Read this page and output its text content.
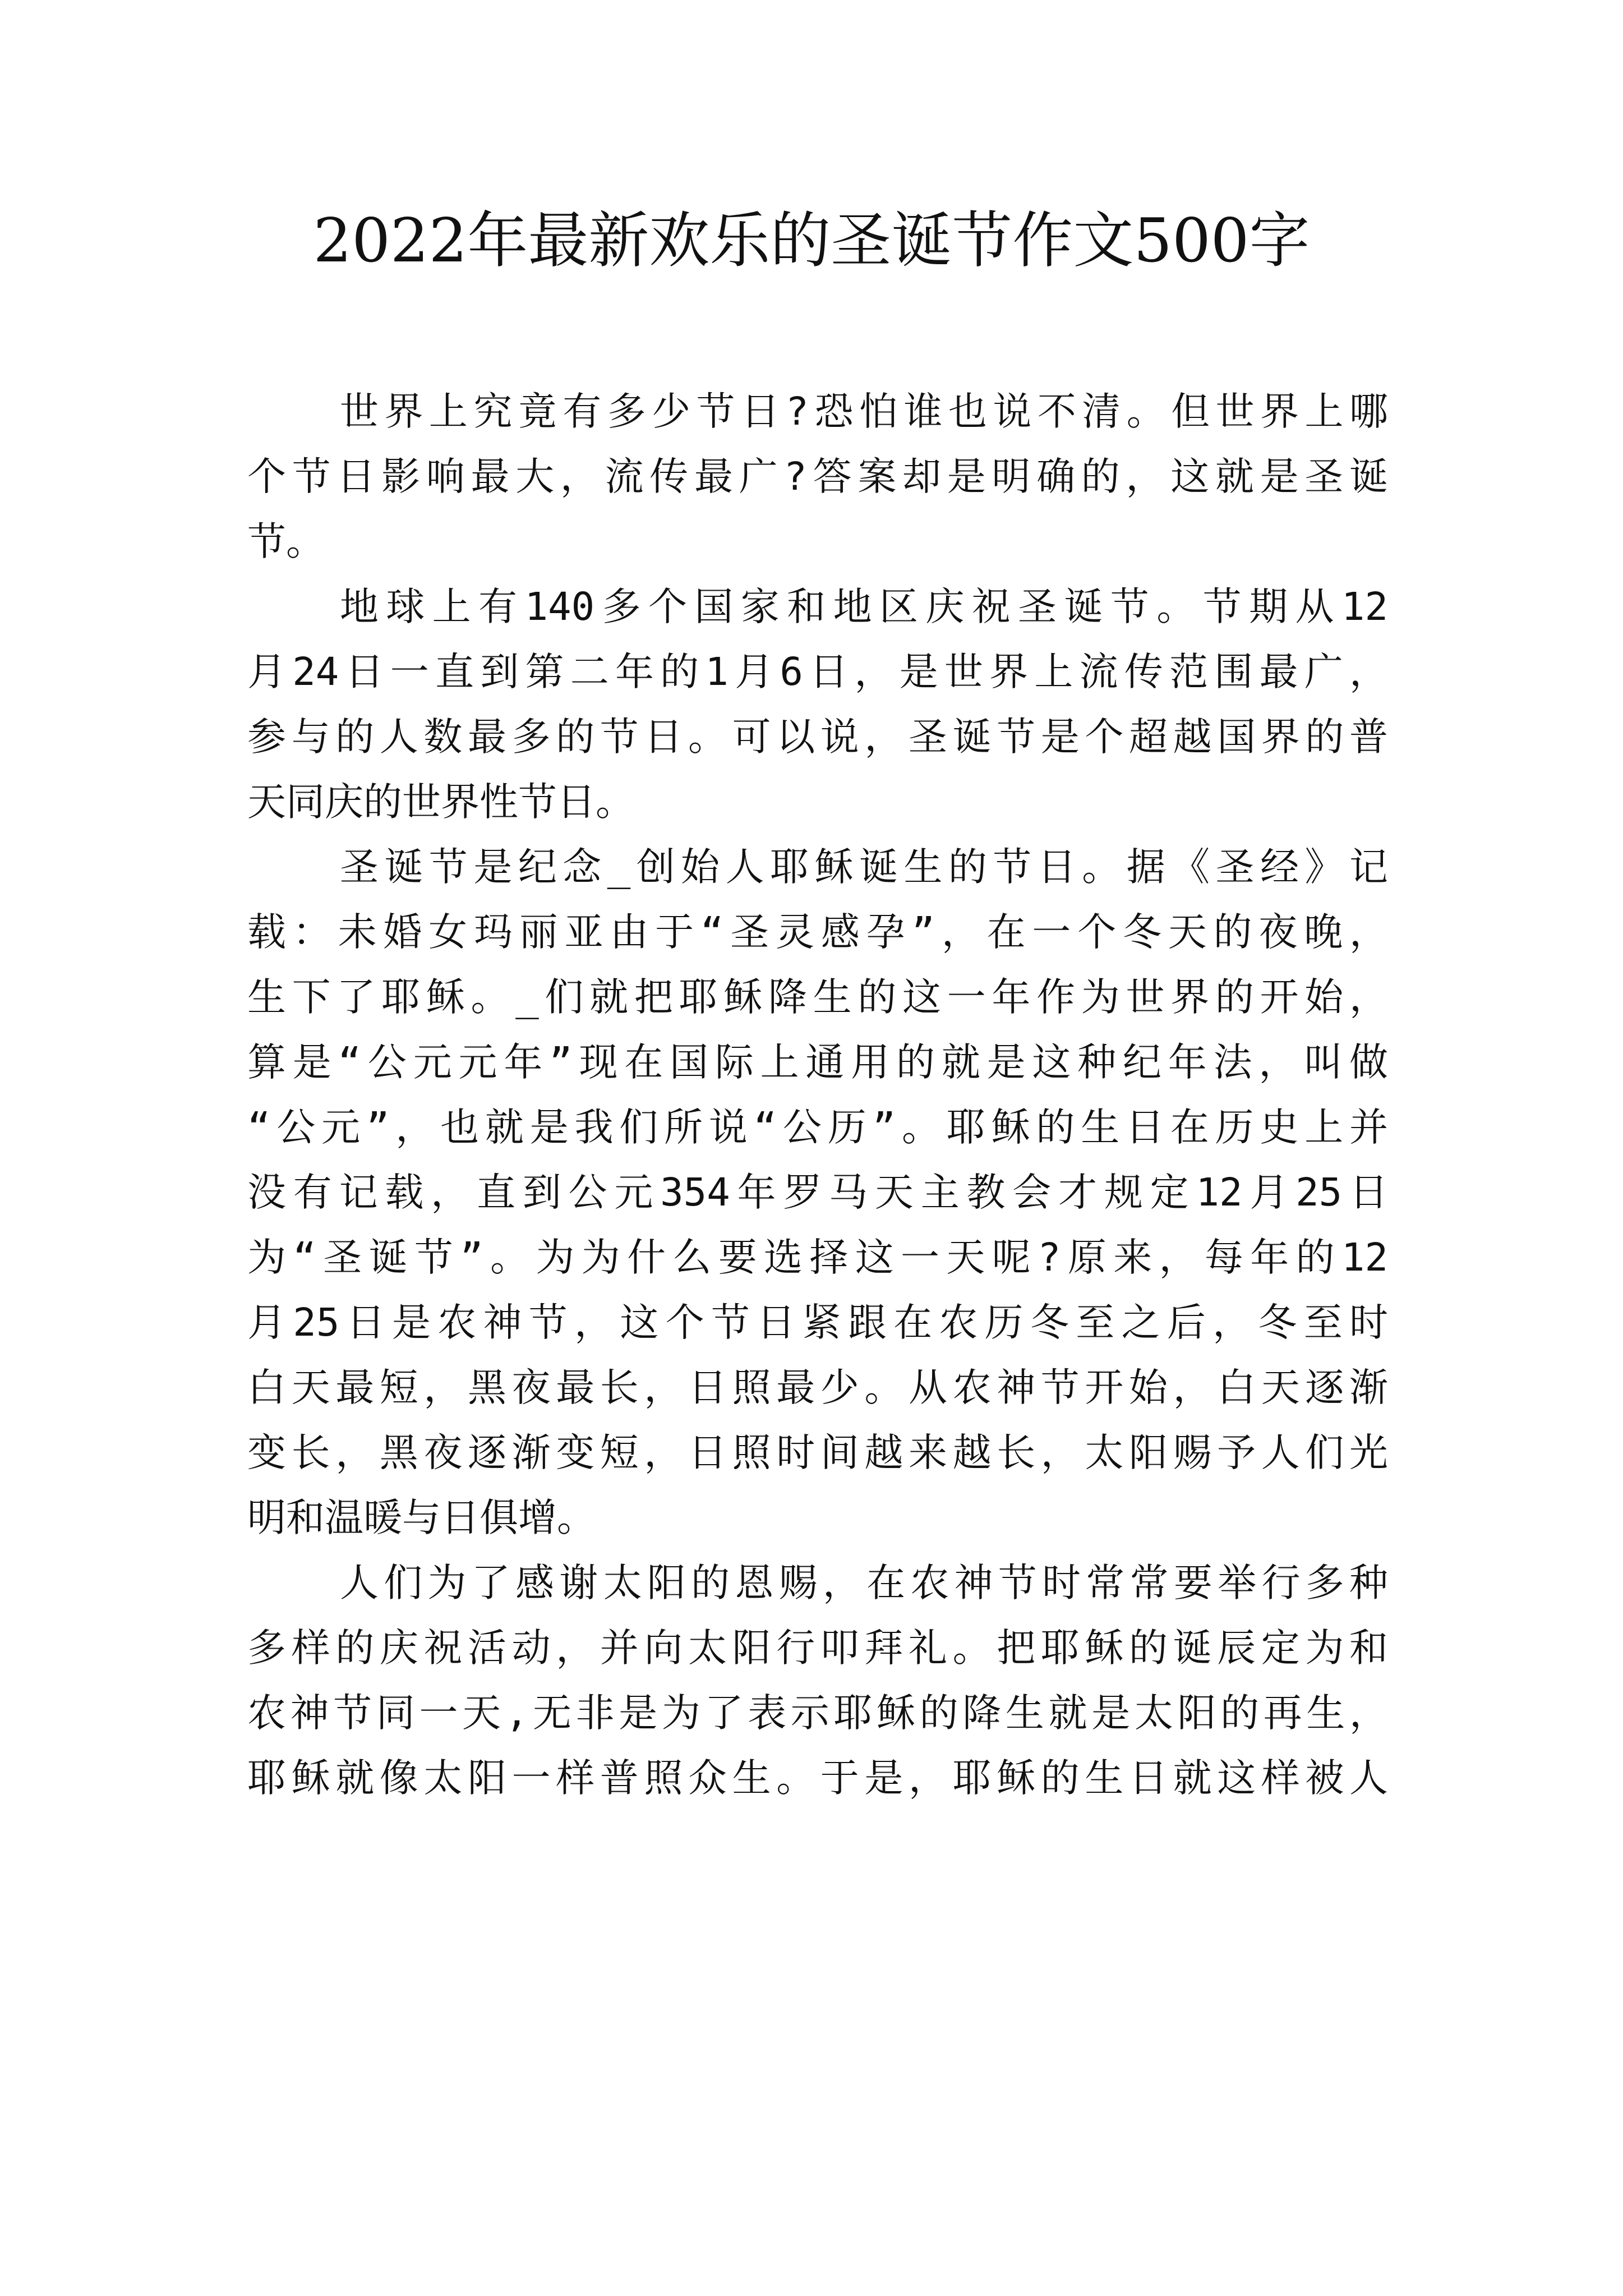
2022年最新欢乐的圣诞节作文500字
世界上究竟有多少节日?恐怕谁也说不清。但世界上哪
个节日影响最大，流传最广?答案却是明确的，这就是圣诞
节。
地球上有140多个国家和地区庆祝圣诞节。节期从12
月24日一直到第二年的1月6日，是世界上流传范围最广，
参与的人数最多的节日。可以说，圣诞节是个超越国界的普
天同庆的世界性节日。
圣诞节是纪念_创始人耶稣诞生的节日。据《圣经》记
载：未婚女玛丽亚由于“圣灵感孕”，在一个冬天的夜晚，
生下了耶稣。_们就把耶稣降生的这一年作为世界的开始，
算是“公元元年”现在国际上通用的就是这种纪年法，叫做
“公元”，也就是我们所说“公历”。耶稣的生日在历史上并
没有记载，直到公元354年罗马天主教会才规定12月25日
为“圣诞节”。为为什么要选择这一天呢?原来，每年的12
月25日是农神节，这个节日紧跟在农历冬至之后，冬至时
白天最短，黑夜最长，日照最少。从农神节开始，白天逐渐
变长，黑夜逐渐变短，日照时间越来越长，太阳赐予人们光
明和温暖与日俱增。
人们为了感谢太阳的恩赐，在农神节时常常要举行多种
多样的庆祝活动，并向太阳行叩拜礼。把耶稣的诞辰定为和
农神节同一天,无非是为了表示耶稣的降生就是太阳的再生，
耶稣就像太阳一样普照众生。于是，耶稣的生日就这样被人
